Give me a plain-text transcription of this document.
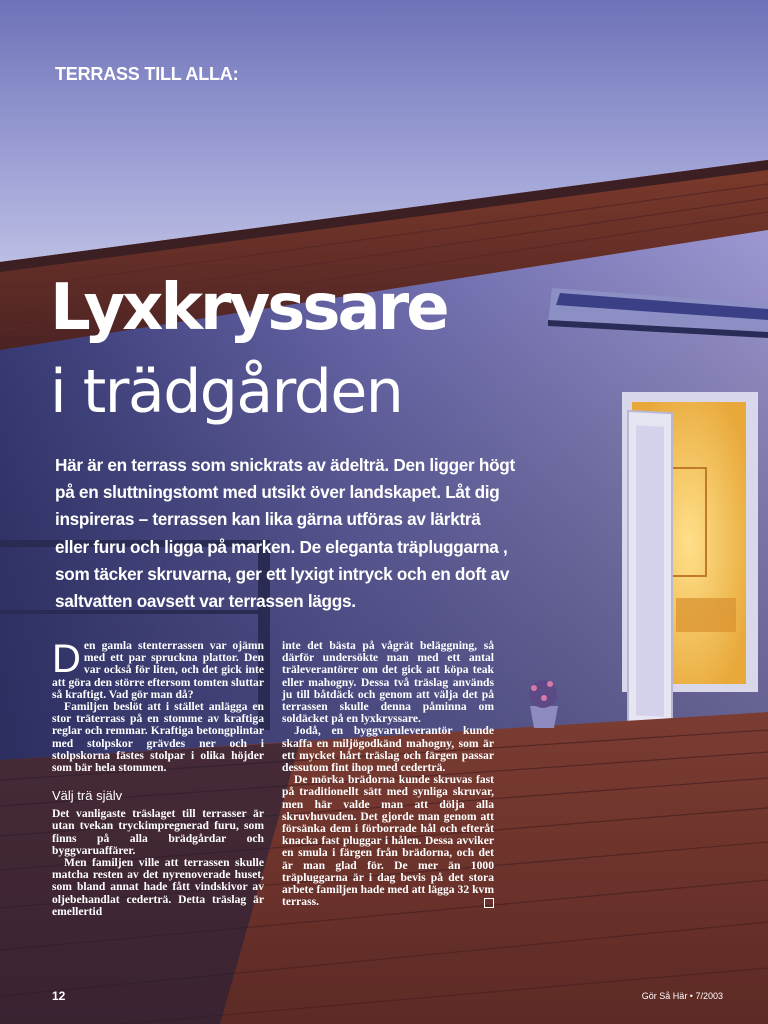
TERRASS TILL ALLA:
Lyxkryssare
i trädgården

Här är en terrass som snickrats av ädelträ. Den ligger högt på en sluttningstomt med utsikt över landskapet. Låt dig inspireras – terrassen kan lika gärna utföras av lärkträ eller furu och ligga på marken. De eleganta träpluggarna , som täcker skruvarna, ger ett lyxigt intryck och en doft av saltvatten oavsett var terrassen läggs.

Den gamla stenterrassen var ojämn med ett par spruckna plattor. Den var också för liten, och det gick inte att göra den större eftersom tomten sluttar så kraftigt. Vad gör man då?

Familjen beslöt att i stället anlägga en stor träterrass på en stomme av kraftiga reglar och remmar. Kraftiga betongplintar med stolpskor grävdes ner och i stolpskorna fästes stolpar i olika höjder som bär hela stommen.

Välj trä själv

Det vanligaste träslaget till terrasser är utan tvekan tryckimpregnerad furu, som finns på alla brädgårdar och byggvaruaffärer.

Men familjen ville att terrassen skulle matcha resten av det nyrenoverade huset, som bland annat hade fått vindskivor av oljebehandlat cederträ. Detta träslag är emellertid

inte det bästa på vågrät beläggning, så därför undersökte man med ett antal träleverantörer om det gick att köpa teak eller mahogny. Dessa två träslag används ju till båtdäck och genom att välja det på terrassen skulle denna påminna om soldäcket på en lyxkryssare.

Jodå, en byggvaruleverantör kunde skaffa en miljögodkänd mahogny, som är ett mycket hårt träslag och färgen passar dessutom fint ihop med cederträ.

De mörka brädorna kunde skruvas fast på traditionellt sätt med synliga skruvar, men här valde man att dölja alla skruvhuvuden. Det gjorde man genom att försänka dem i förborrade hål och efteråt knacka fast pluggar i hålen. Dessa avviker en smula i färgen från brädorna, och det är man glad för. De mer än 1000 träpluggarna är i dag bevis på det stora arbete familjen hade med att lägga 32 kvm terrass.

12	Gör Så Här • 7/2003
